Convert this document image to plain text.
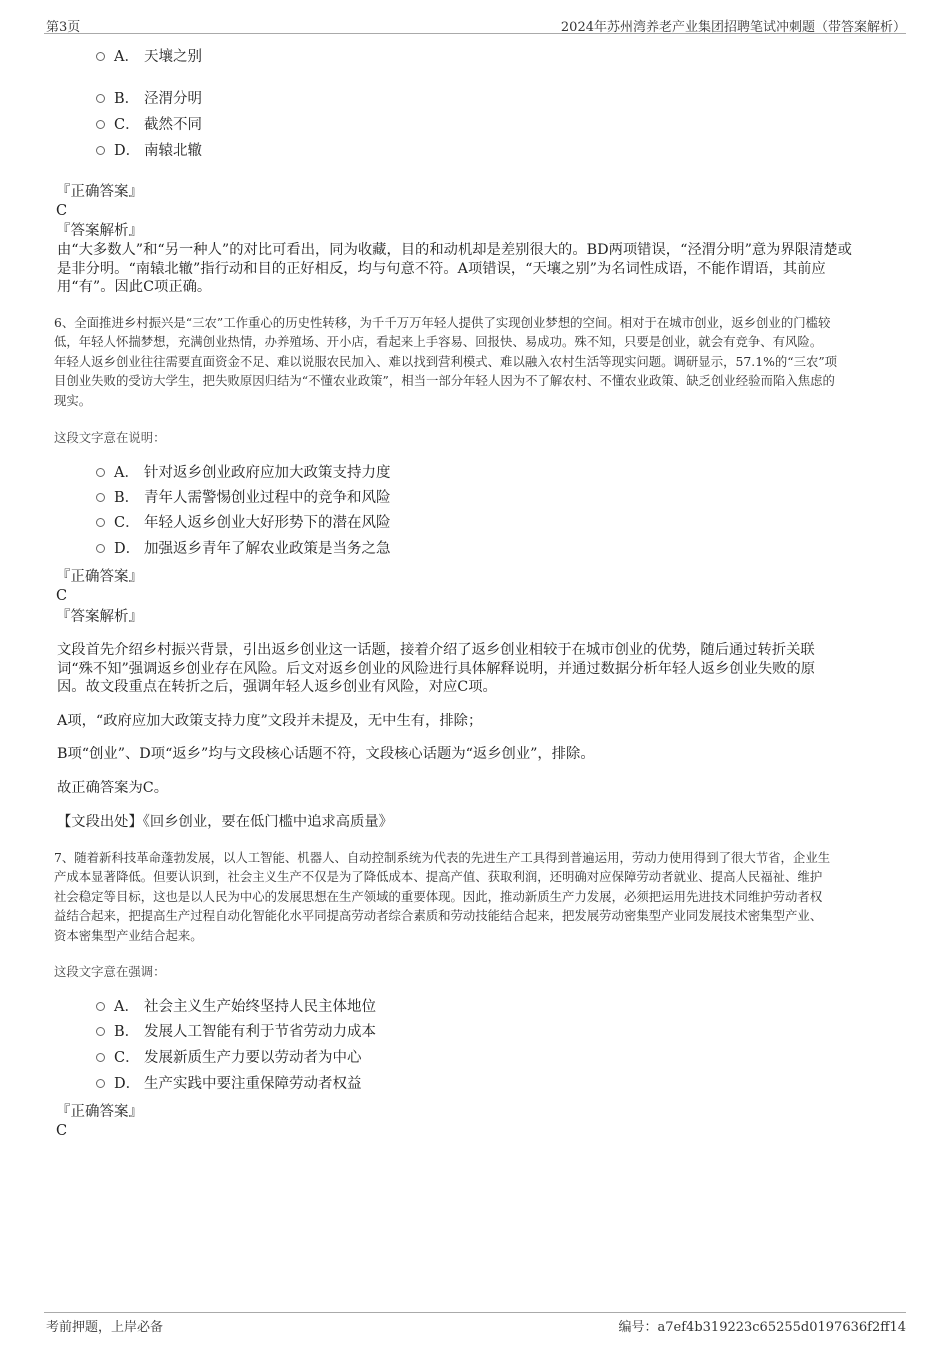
第3页	2024年苏州湾养老产业集团招聘笔试冲刺题（带答案解析）
A． 天壤之别
B． 泾渭分明
C． 截然不同
D． 南辕北辙
『正确答案』
C
『答案解析』
由“大多数人”和“另一种人”的对比可看出，同为收藏，目的和动机却是差别很大的。BD两项错误，“泾渭分明”意为界限清楚或
是非分明。“南辕北辙”指行动和目的正好相反，均与句意不符。A项错误，“天壤之别”为名词性成语，不能作谓语，其前应
用“有”。因此C项正确。
6、全面推进乡村振兴是“三农”工作重心的历史性转移，为千千万万年轻人提供了实现创业梦想的空间。相对于在城市创业，返乡创业的门槛较
低，年轻人怀揣梦想，充满创业热情，办养殖场、开小店，看起来上手容易、回报快、易成功。殊不知，只要是创业，就会有竞争、有风险。
年轻人返乡创业往往需要直面资金不足、难以说服农民加入、难以找到营利模式、难以融入农村生活等现实问题。调研显示，57.1%的“三农”项
目创业失败的受访大学生，把失败原因归结为“不懂农业政策”，相当一部分年轻人因为不了解农村、不懂农业政策、缺乏创业经验而陷入焦虑的
现实。
这段文字意在说明：
A． 针对返乡创业政府应加大政策支持力度
B． 青年人需警惕创业过程中的竞争和风险
C． 年轻人返乡创业大好形势下的潜在风险
D． 加强返乡青年了解农业政策是当务之急
『正确答案』
C
『答案解析』
文段首先介绍乡村振兴背景，引出返乡创业这一话题，接着介绍了返乡创业相较于在城市创业的优势，随后通过转折关联
词“殊不知”强调返乡创业存在风险。后文对返乡创业的风险进行具体解释说明，并通过数据分析年轻人返乡创业失败的原
因。故文段重点在转折之后，强调年轻人返乡创业有风险，对应C项。
A项，“政府应加大政策支持力度”文段并未提及，无中生有，排除；
B项“创业”、D项“返乡”均与文段核心话题不符，文段核心话题为“返乡创业”，排除。
故正确答案为C。
【文段出处】《回乡创业，要在低门槛中追求高质量》
7、随着新科技革命蓬勃发展，以人工智能、机器人、自动控制系统为代表的先进生产工具得到普遍运用，劳动力使用得到了很大节省，企业生
产成本显著降低。但要认识到，社会主义生产不仅是为了降低成本、提高产值、获取利润，还明确对应保障劳动者就业、提高人民福祉、维护
社会稳定等目标，这也是以人民为中心的发展思想在生产领域的重要体现。因此，推动新质生产力发展，必须把运用先进技术同维护劳动者权
益结合起来，把提高生产过程自动化智能化水平同提高劳动者综合素质和劳动技能结合起来，把发展劳动密集型产业同发展技术密集型产业、
资本密集型产业结合起来。
这段文字意在强调：
A． 社会主义生产始终坚持人民主体地位
B． 发展人工智能有利于节省劳动力成本
C． 发展新质生产力要以劳动者为中心
D． 生产实践中要注重保障劳动者权益
『正确答案』
C
考前押题，上岸必备	编号：a7ef4b319223c65255d0197636f2ff14
